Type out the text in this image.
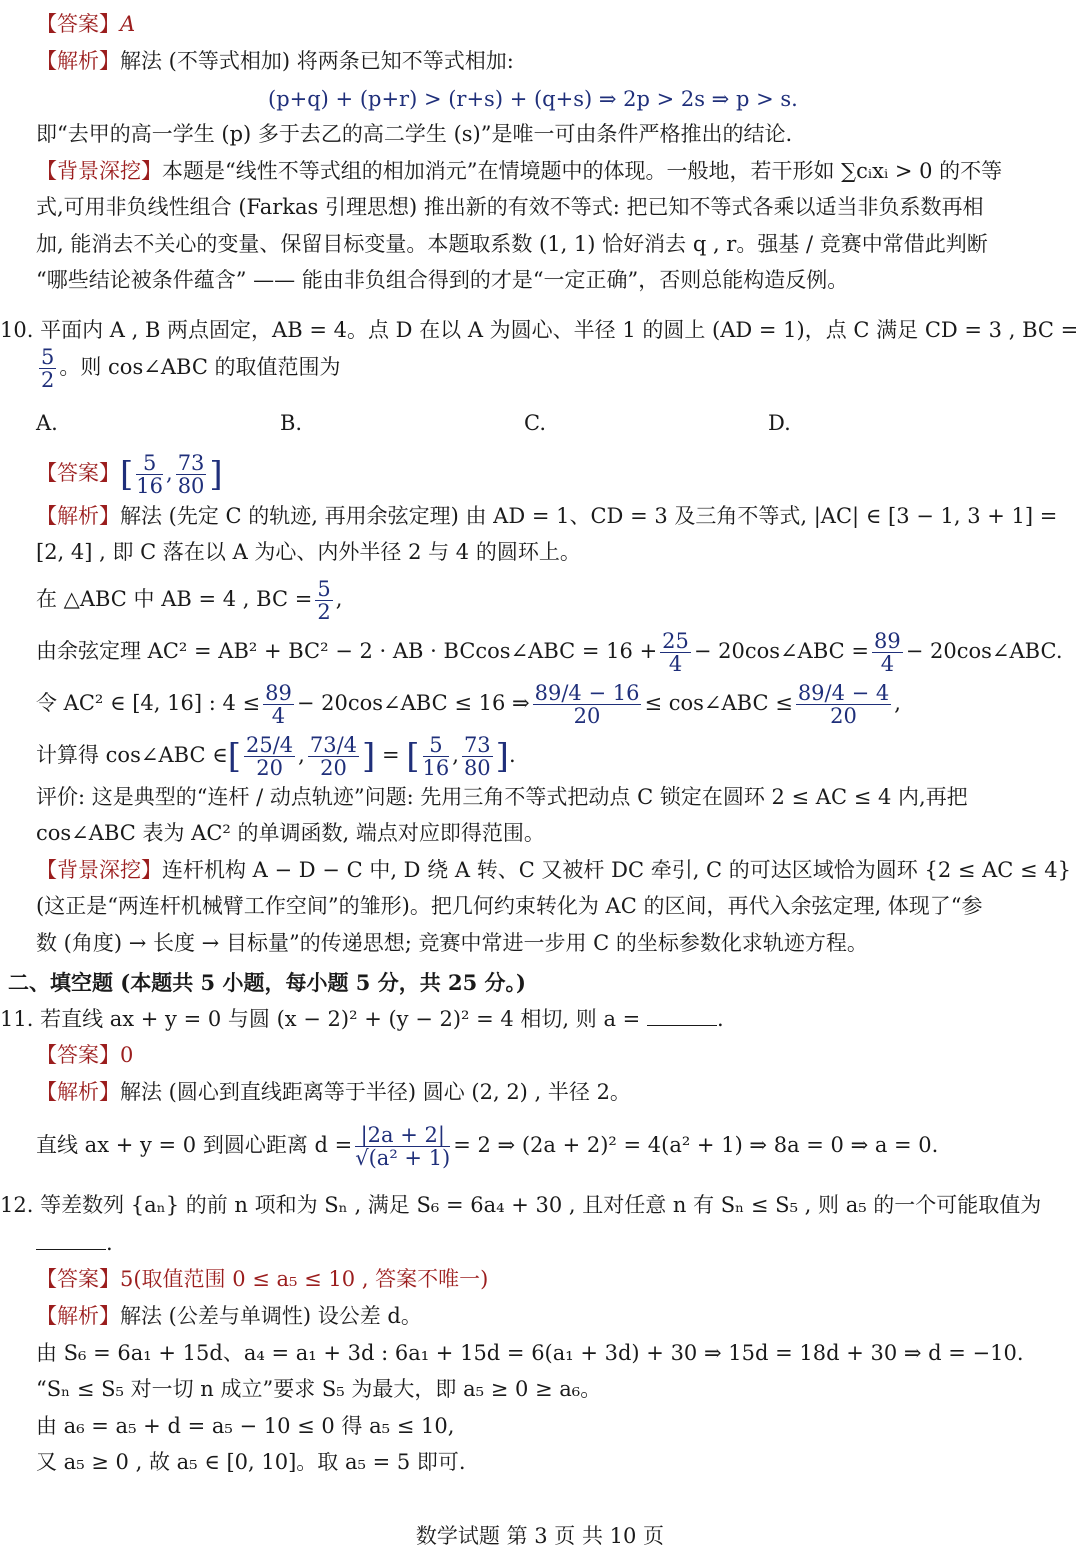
【答案】A
【解析】解法 (不等式相加) 将两条已知不等式相加:
(p+q) + (p+r) > (r+s) + (q+s) ⇒ 2p > 2s ⇒ p > s.
即“去甲的高一学生 (p) 多于去乙的高二学生 (s)”是唯一可由条件严格推出的结论.
【背景深挖】本题是“线性不等式组的相加消元”在情境题中的体现。一般地，若干形如 ∑cᵢxᵢ > 0 的不等
式,可用非负线性组合 (Farkas 引理思想) 推出新的有效不等式: 把已知不等式各乘以适当非负系数再相
加, 能消去不关心的变量、保留目标变量。本题取系数 (1, 1) 恰好消去 q , r。强基 / 竞赛中常借此判断
“哪些结论被条件蕴含” —— 能由非负组合得到的才是“一定正确”，否则总能构造反例。
10. 平面内 A , B 两点固定，AB = 4。点 D 在以 A 为圆心、半径 1 的圆上 (AD = 1)，点 C 满足 CD = 3 , BC =
$\frac{5}{2}$ 。则 cos∠ABC 的取值范围为
A.	B.	C.	D.
【答案】[ $\frac{5}{16}$ , $\frac{73}{80}$ ]
【解析】解法 (先定 C 的轨迹, 再用余弦定理) 由 AD = 1、CD = 3 及三角不等式, |AC| ∈ [3 − 1, 3 + 1] =
[2, 4] , 即 C 落在以 A 为心、内外半径 2 与 4 的圆环上。
在 △ABC 中 AB = 4 , BC = $\frac{5}{2}$ ,
由余弦定理 AC² = AB² + BC² − 2 · AB · BCcos∠ABC = $16 + \frac{25}{4}$ − 20cos∠ABC = $\frac{89}{4}$ − 20cos∠ABC.
令 AC² ∈ [4, 16] : $4 \le \frac{89}{4}$ − 20cos∠ABC ≤ 16 ⇒ $\frac{89/4 - 16}{20}$ ≤ cos∠ABC ≤ $\frac{89/4 - 4}{20}$ ,
计算得 cos∠ABC ∈[ $\frac{25/4}{20}$ , $\frac{73/4}{20}$ ] = [ $\frac{5}{16}$ , $\frac{73}{80}$ ].
评价: 这是典型的“连杆 / 动点轨迹”问题: 先用三角不等式把动点 C 锁定在圆环 2 ≤ AC ≤ 4 内,再把
cos∠ABC 表为 AC² 的单调函数, 端点对应即得范围。
【背景深挖】连杆机构 A − D − C 中, D 绕 A 转、C 又被杆 DC 牵引, C 的可达区域恰为圆环 {2 ≤ AC ≤ 4}
(这正是“两连杆机械臂工作空间”的雏形)。把几何约束转化为 AC 的区间，再代入余弦定理, 体现了“参
数 (角度) → 长度 → 目标量”的传递思想; 竞赛中常进一步用 C 的坐标参数化求轨迹方程。
二、填空题 (本题共 5 小题，每小题 5 分，共 25 分。)
11. 若直线 ax + y = 0 与圆 (x − 2)² + (y − 2)² = 4 相切, 则 a =	.
【答案】0
【解析】解法 (圆心到直线距离等于半径) 圆心 (2, 2) , 半径 2。
直线 ax + y = 0 到圆心距离 $d = \frac{|2a + 2|}{\text{√(a² + 1)}} = 2$ ⇒ (2a + 2)² = 4(a² + 1) ⇒ 8a = 0 ⇒ a = 0.
12. 等差数列 {aₙ} 的前 n 项和为 Sₙ , 满足 S₆ = 6a₄ + 30 , 且对任意 n 有 Sₙ ≤ S₅ , 则 a₅ 的一个可能取值为
.
【答案】5(取值范围 0 ≤ a₅ ≤ 10 , 答案不唯一)
【解析】解法 (公差与单调性) 设公差 d。
由 S₆ = 6a₁ + 15d、a₄ = a₁ + 3d : 6a₁ + 15d = 6(a₁ + 3d) + 30 ⇒ 15d = 18d + 30 ⇒ d = −10.
“Sₙ ≤ S₅ 对一切 n 成立”要求 S₅ 为最大，即 a₅ ≥ 0 ≥ a₆。
由 a₆ = a₅ + d = a₅ − 10 ≤ 0 得 a₅ ≤ 10,
又 a₅ ≥ 0 , 故 a₅ ∈ [0, 10]。取 a₅ = 5 即可.
数学试题 第 3 页 共 10 页
